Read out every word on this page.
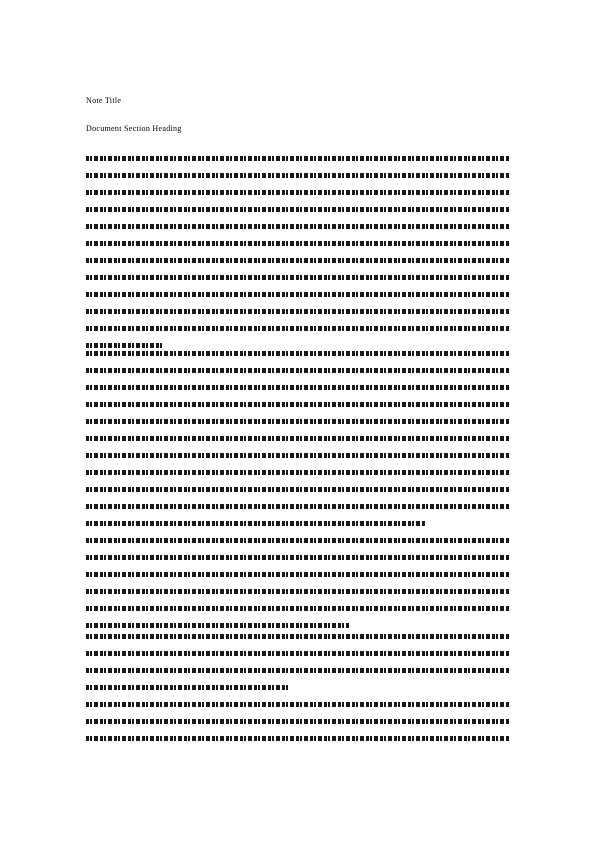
Note Title
Document Section Heading
